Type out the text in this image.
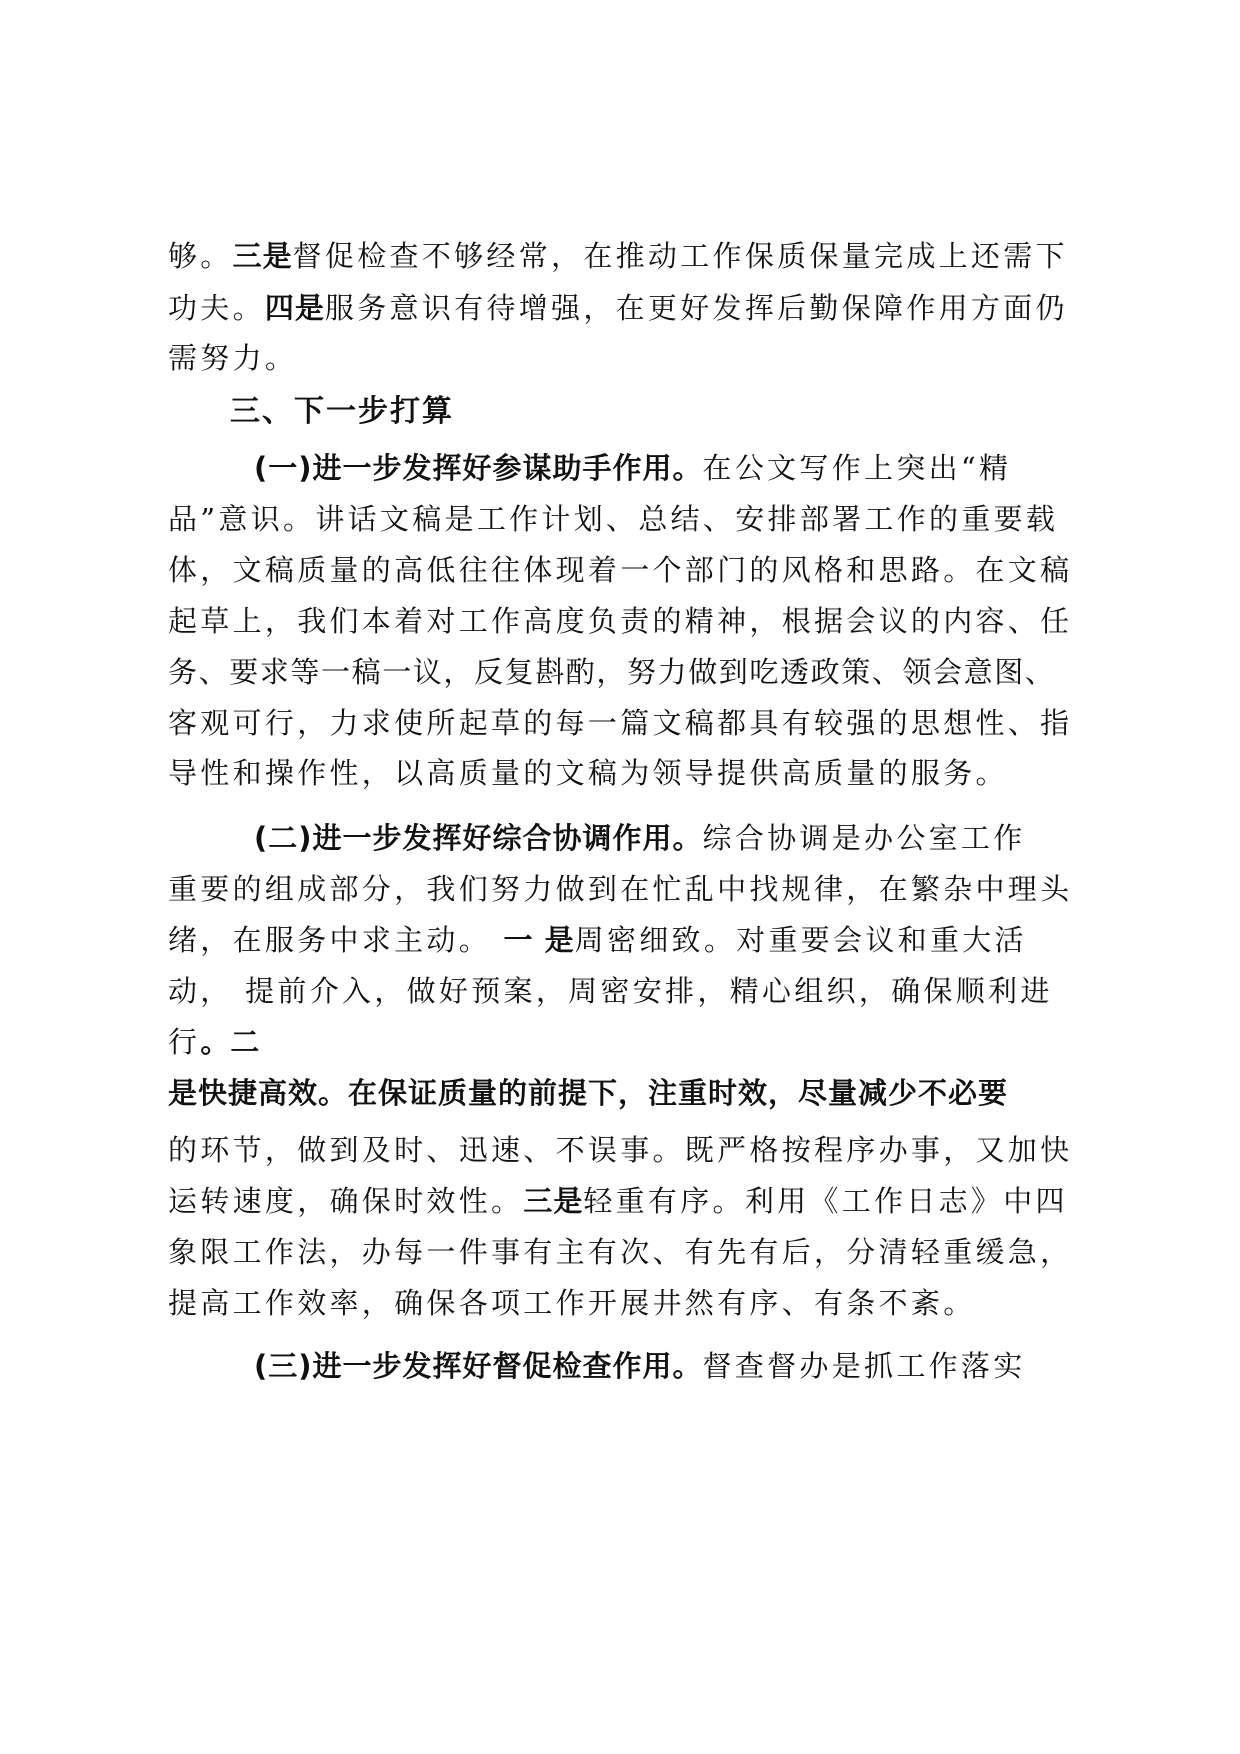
够。三是督促检查不够经常，在推动工作保质保量完成上还需下
功夫。四是服务意识有待增强，在更好发挥后勤保障作用方面仍
需努力。
三、下一步打算
(一)进一步发挥好参谋助手作用。在公文写作上突出“精
品”意识。讲话文稿是工作计划、总结、安排部署工作的重要载
体，文稿质量的高低往往体现着一个部门的风格和思路。在文稿
起草上，我们本着对工作高度负责的精神，根据会议的内容、任
务、要求等一稿一议，反复斟酌，努力做到吃透政策、领会意图、
客观可行，力求使所起草的每一篇文稿都具有较强的思想性、指
导性和操作性，以高质量的文稿为领导提供高质量的服务。
(二)进一步发挥好综合协调作用。综合协调是办公室工作
重要的组成部分，我们努力做到在忙乱中找规律，在繁杂中理头
绪，在服务中求主动。 一 是周密细致。对重要会议和重大活
动， 提前介入，做好预案，周密安排，精心组织，确保顺利进
行。二
是快捷高效。在保证质量的前提下，注重时效，尽量减少不必要
的环节，做到及时、迅速、不误事。既严格按程序办事，又加快
运转速度，确保时效性。三是轻重有序。利用《工作日志》中四
象限工作法，办每一件事有主有次、有先有后，分清轻重缓急，
提高工作效率，确保各项工作开展井然有序、有条不紊。
(三)进一步发挥好督促检查作用。督查督办是抓工作落实
